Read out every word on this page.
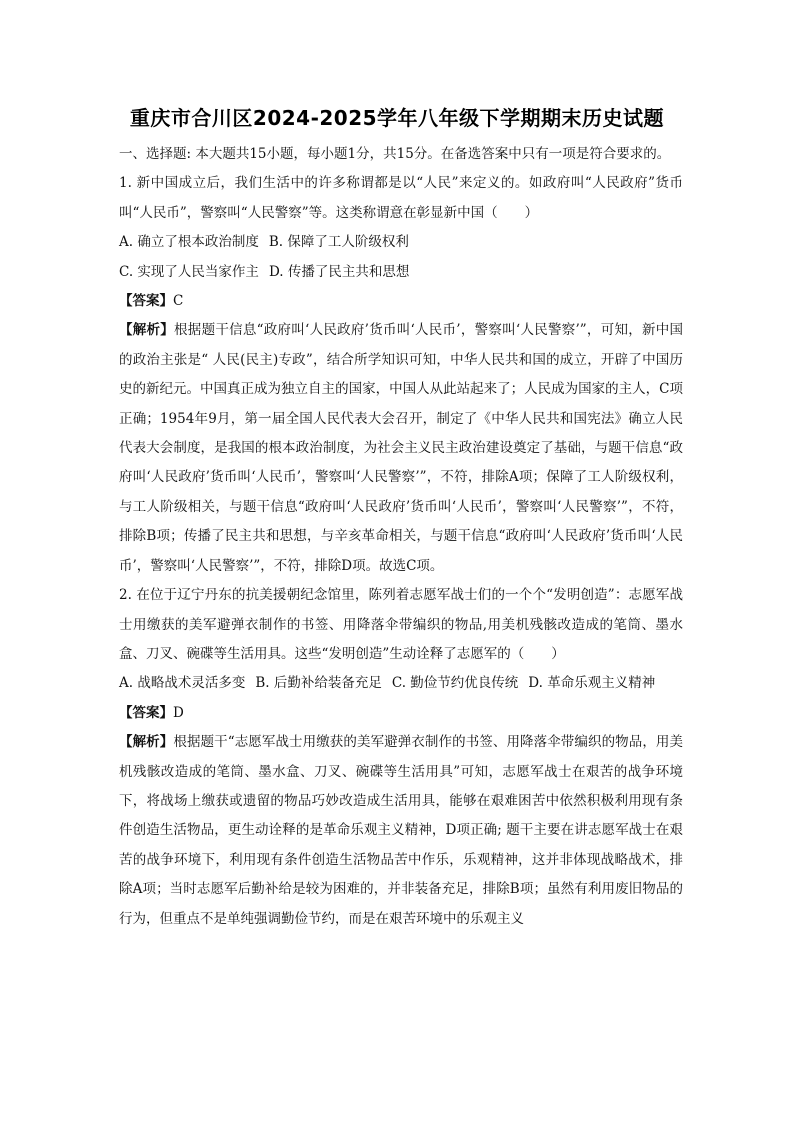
重庆市合川区2024-2025学年八年级下学期期末历史试题

一、选择题: 本大题共15小题，每小题1分，共15分。在备选答案中只有一项是符合要求的。

1. 新中国成立后，我们生活中的许多称谓都是以“人民”来定义的。如政府叫“人民政府”货币叫“人民币”，警察叫“人民警察”等。这类称谓意在彰显新中国（　　）

A. 确立了根本政治制度 B. 保障了工人阶级权利

C. 实现了人民当家作主 D. 传播了民主共和思想

【答案】C

【解析】根据题干信息“政府叫‘人民政府’货币叫‘人民币’，警察叫‘人民警察’”，可知，新中国的政治主张是“ 人民(民主)专政”，结合所学知识可知，中华人民共和国的成立，开辟了中国历史的新纪元。中国真正成为独立自主的国家，中国人从此站起来了；人民成为国家的主人，C项正确；1954年9月，第一届全国人民代表大会召开，制定了《中华人民共和国宪法》确立人民代表大会制度，是我国的根本政治制度，为社会主义民主政治建设奠定了基础，与题干信息“政府叫‘人民政府’货币叫‘人民币’，警察叫‘人民警察’”，不符，排除A项；保障了工人阶级权利，与工人阶级相关，与题干信息“政府叫‘人民政府’货币叫‘人民币’，警察叫‘人民警察’”，不符，排除B项；传播了民主共和思想，与辛亥革命相关，与题干信息“政府叫‘人民政府’货币叫‘人民币’，警察叫‘人民警察’”，不符，排除D项。故选C项。

2. 在位于辽宁丹东的抗美援朝纪念馆里，陈列着志愿军战士们的一个个“发明创造”：志愿军战士用缴获的美军避弹衣制作的书签、用降落伞带编织的物品,用美机残骸改造成的笔筒、墨水盒、刀叉、碗碟等生活用具。这些“发明创造”生动诠释了志愿军的（　　）

A. 战略战术灵活多变 B. 后勤补给装备充足 C. 勤俭节约优良传统 D. 革命乐观主义精神

【答案】D

【解析】根据题干“志愿军战士用缴获的美军避弹衣制作的书签、用降落伞带编织的物品，用美机残骸改造成的笔筒、墨水盒、刀叉、碗碟等生活用具”可知，志愿军战士在艰苦的战争环境下，将战场上缴获或遗留的物品巧妙改造成生活用具，能够在艰难困苦中依然积极利用现有条件创造生活物品，更生动诠释的是革命乐观主义精神，D项正确; 题干主要在讲志愿军战士在艰苦的战争环境下，利用现有条件创造生活物品苦中作乐，乐观精神，这并非体现战略战术，排除A项；当时志愿军后勤补给是较为困难的，并非装备充足，排除B项；虽然有利用废旧物品的行为，但重点不是单纯强调勤俭节约，而是在艰苦环境中的乐观主义
